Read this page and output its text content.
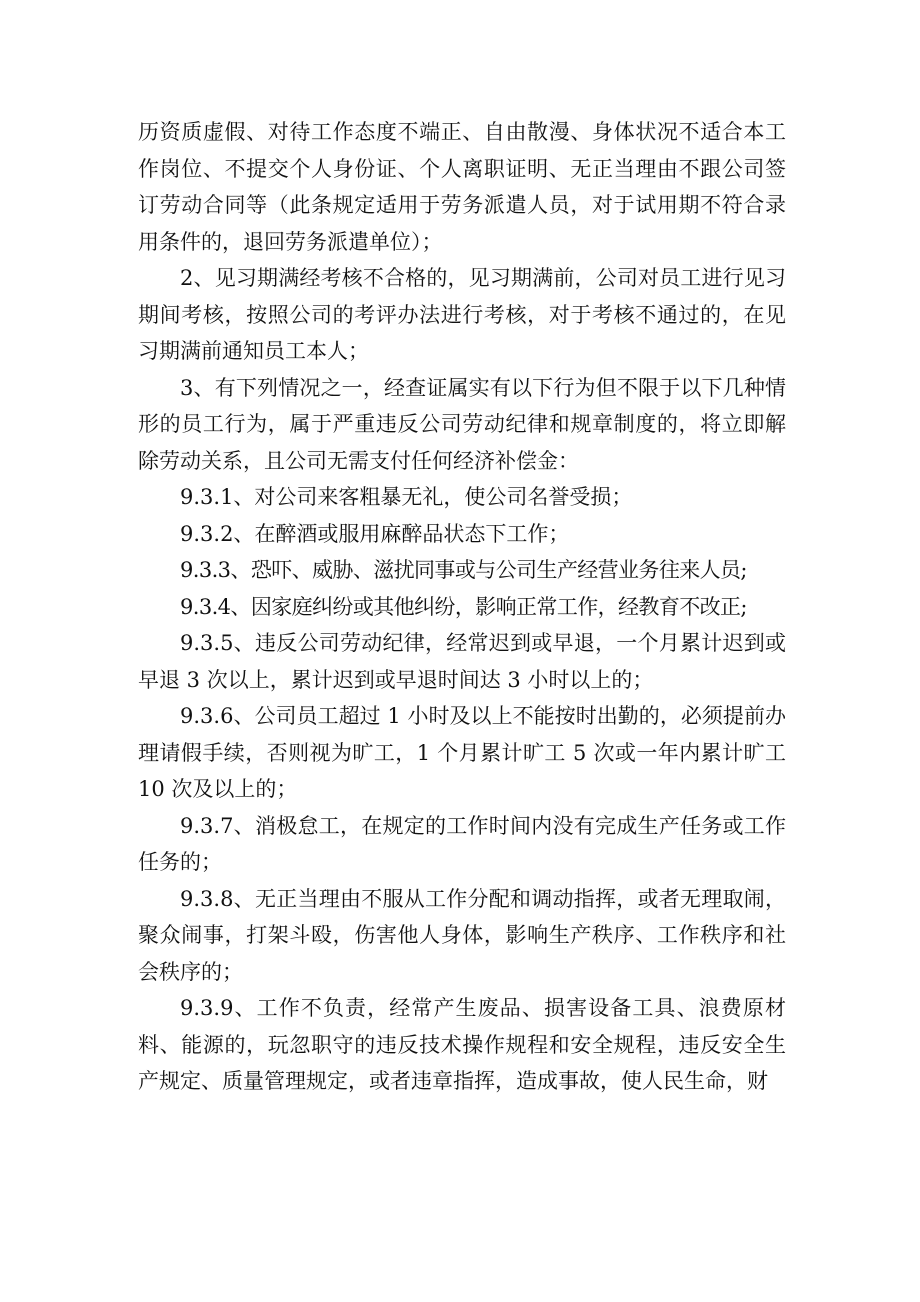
历资质虚假、对待工作态度不端正、自由散漫、身体状况不适合本工作岗位、不提交个人身份证、个人离职证明、无正当理由不跟公司签订劳动合同等（此条规定适用于劳务派遣人员，对于试用期不符合录用条件的，退回劳务派遣单位）；

2、见习期满经考核不合格的，见习期满前，公司对员工进行见习期间考核，按照公司的考评办法进行考核，对于考核不通过的，在见习期满前通知员工本人；

3、有下列情况之一，经查证属实有以下行为但不限于以下几种情形的员工行为，属于严重违反公司劳动纪律和规章制度的，将立即解除劳动关系，且公司无需支付任何经济补偿金：

9.3.1、对公司来客粗暴无礼，使公司名誉受损；

9.3.2、在醉酒或服用麻醉品状态下工作；

9.3.3、恐吓、威胁、滋扰同事或与公司生产经营业务往来人员;

9.3.4、因家庭纠纷或其他纠纷，影响正常工作，经教育不改正;

9.3.5、违反公司劳动纪律，经常迟到或早退，一个月累计迟到或早退 3 次以上，累计迟到或早退时间达 3 小时以上的；

9.3.6、公司员工超过 1 小时及以上不能按时出勤的，必须提前办理请假手续，否则视为旷工，1 个月累计旷工 5 次或一年内累计旷工 10 次及以上的；

9.3.7、消极怠工，在规定的工作时间内没有完成生产任务或工作任务的；

9.3.8、无正当理由不服从工作分配和调动指挥，或者无理取闹，聚众闹事，打架斗殴，伤害他人身体，影响生产秩序、工作秩序和社会秩序的；

9.3.9、工作不负责，经常产生废品、损害设备工具、浪费原材料、能源的，玩忽职守的违反技术操作规程和安全规程，违反安全生产规定、质量管理规定，或者违章指挥，造成事故，使人民生命，财
